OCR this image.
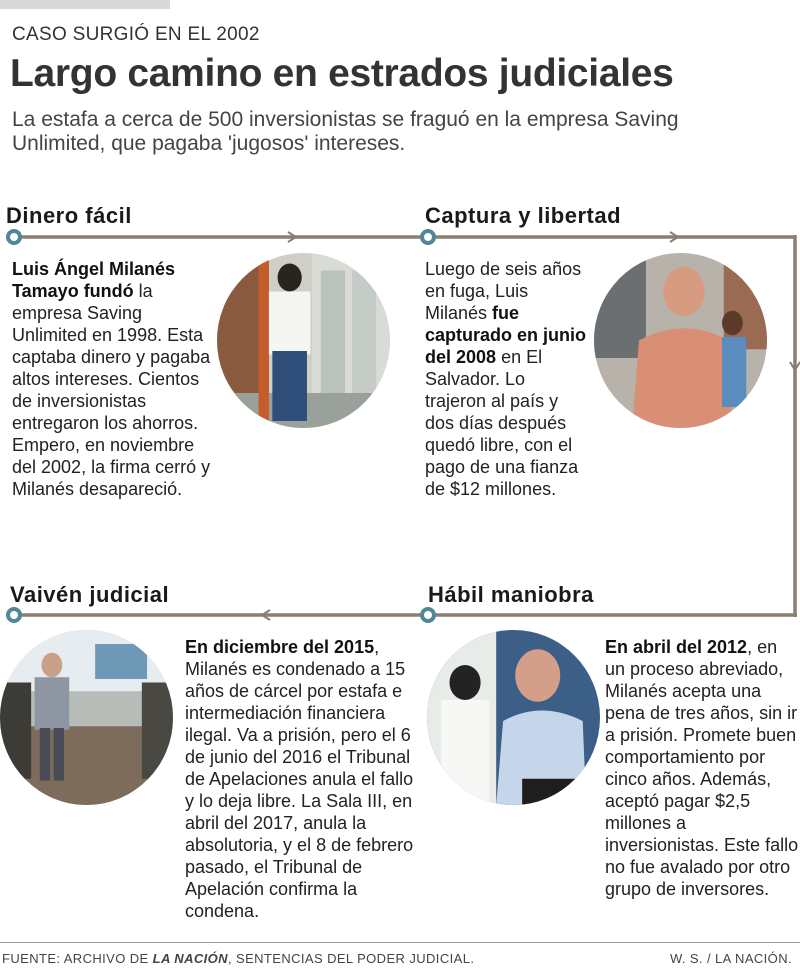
CASO SURGIÓ EN EL 2002
Largo camino en estrados judiciales
La estafa a cerca de 500 inversionistas se fraguó en la empresa Saving Unlimited, que pagaba 'jugosos' intereses.
Dinero fácil	Captura y libertad
Vaivén judicial	Hábil maniobra
Luis Ángel Milanés Tamayo fundó la empresa Saving Unlimited en 1998. Esta captaba dinero y pagaba altos intereses. Cientos de inversionistas entregaron los ahorros. Empero, en noviembre del 2002, la firma cerró y Milanés desapareció.
Luego de seis años en fuga, Luis Milanés fue capturado en junio del 2008 en El Salvador. Lo trajeron al país y dos días después quedó libre, con el pago de una fianza de $12 millones.
En diciembre del 2015, Milanés es condenado a 15 años de cárcel por estafa e intermediación financiera ilegal. Va a prisión, pero el 6 de junio del 2016 el Tribunal de Apelaciones anula el fallo y lo deja libre. La Sala III, en abril del 2017, anula la absolutoria, y el 8 de febrero pasado, el Tribunal de Apelación confirma la condena.
En abril del 2012, en un proceso abreviado, Milanés acepta una pena de tres años, sin ir a prisión. Promete buen comportamiento por cinco años. Además, aceptó pagar $2,5 millones a inversionistas. Este fallo no fue avalado por otro grupo de inversores.
FUENTE: ARCHIVO DE LA NACIÓN, SENTENCIAS DEL PODER JUDICIAL.	W. S. / LA NACIÓN.
